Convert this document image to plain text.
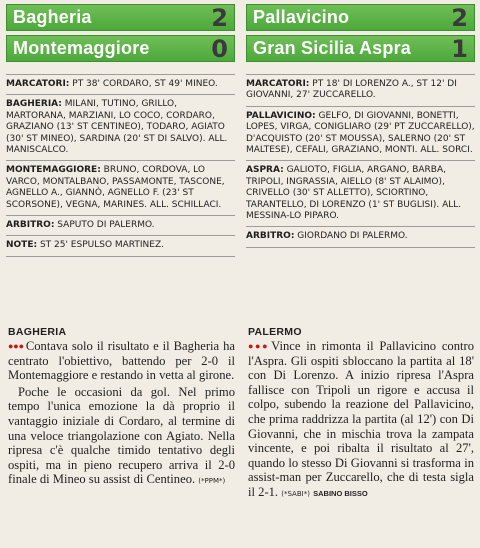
Bagheria	2
Montemaggiore	0
MARCATORI: PT 38' CORDARO, ST 49' MINEO.
BAGHERIA: MILANI, TUTINO, GRILLO, MARTORANA, MARZIANI, LO COCO, CORDARO, GRAZIANO (13' ST CENTINEO), TODARO, AGIATO (30' ST MINEO), SARDINA (20' ST DI SALVO). ALL. MANISCALCO.
MONTEMAGGIORE: BRUNO, CORDOVA, LO VARCO, MONTALBANO, PASSAMONTE, TASCONE, AGNELLO A., GIANNÒ, AGNELLO F. (23' ST SCORSONE), VEGNA, MARINES. ALL. SCHILLACI.
ARBITRO: SAPUTO DI PALERMO.
NOTE: ST 25' ESPULSO MARTINEZ.
BAGHERIA

●●● Contava solo il risultato e il Bagheria ha centrato l'obiettivo, battendo per 2-0 il Montemaggiore e restando in vetta al girone.

Poche le occasioni da gol. Nel primo tempo l'unica emozione la dà proprio il vantaggio iniziale di Cordaro, al termine di una veloce triangolazione con Agiato. Nella ripresa c'è qualche timido tentativo degli ospiti, ma in pieno recupero arriva il 2-0 finale di Mineo su assist di Centineo. (*PPM*)

Pallavicino	2
Gran Sicilia Aspra 1
MARCATORI: PT 18' DI LORENZO A., ST 12' DI GIOVANNI, 27' ZUCCARELLO.
PALLAVICINO: GELFO, DI GIOVANNI, BONETTI, LOPES, VIRGA, CONIGLIARO (29' PT ZUCCARELLO), D'ACQUISTO (20' ST MOUSSA), SALERNO (20' ST MALTESE), CEFALI, GRAZIANO, MONTI. ALL. SORCI.
ASPRA: GALIOTO, FIGLIA, ARGANO, BARBA, TRIPOLI, INGRASSIA, AIELLO (8' ST ALAIMO), CRIVELLO (30' ST ALLETTO), SCIORTINO, TARANTELLO, DI LORENZO (1' ST BUGLISI). ALL. MESSINA-LO PIPARO.
ARBITRO: GIORDANO DI PALERMO.
PALERMO

●●● Vince in rimonta il Pallavicino contro l'Aspra. Gli ospiti sbloccano la partita al 18' con Di Lorenzo. A inizio ripresa l'Aspra fallisce con Tripoli un rigore e accusa il colpo, subendo la reazione del Pallavicino, che prima raddrizza la partita (al 12') con Di Giovanni, che in mischia trova la zampata vincente, e poi ribalta il risultato al 27', quando lo stesso Di Giovanni si trasforma in assist-man per Zuccarello, che di testa sigla il 2-1. (*SABI*) SABINO BISSO
